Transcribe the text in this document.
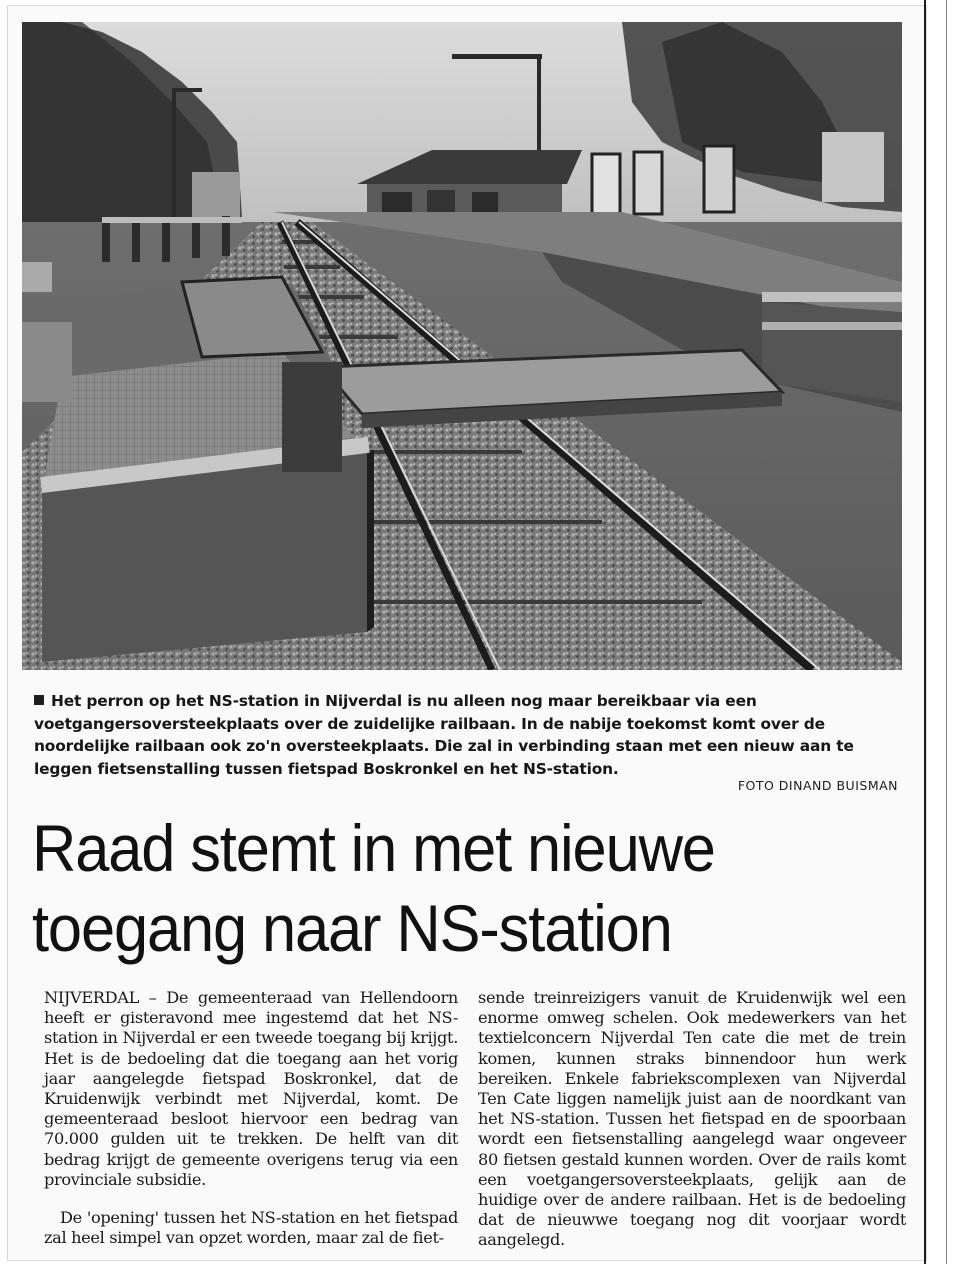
Het perron op het NS-station in Nijverdal is nu alleen nog maar bereikbaar via een voetgangersoversteekplaats over de zuidelijke railbaan. In de nabije toekomst komt over de noordelijke railbaan ook zo'n oversteekplaats. Die zal in verbinding staan met een nieuw aan te leggen fietsenstalling tussen fietspad Boskronkel en het NS-station.
FOTO DINAND BUISMAN
Raad stemt in met nieuwe
toegang naar NS-station

NIJVERDAL – De gemeenteraad van Hellendoorn heeft er gisteravond mee ingestemd dat het NS-station in Nijverdal er een tweede toegang bij krijgt. Het is de bedoeling dat die toegang aan het vorig jaar aangelegde fietspad Boskronkel, dat de Kruidenwijk verbindt met Nijverdal, komt. De gemeenteraad besloot hiervoor een bedrag van 70.000 gulden uit te trekken. De helft van dit bedrag krijgt de gemeente overigens terug via een provinciale subsidie.

De 'opening' tussen het NS-station en het fietspad zal heel simpel van opzet worden, maar zal de fiet-

sende treinreizigers vanuit de Kruidenwijk wel een enorme omweg schelen. Ook medewerkers van het textielconcern Nijverdal Ten cate die met de trein komen, kunnen straks binnendoor hun werk bereiken. Enkele fabriekscomplexen van Nijverdal Ten Cate liggen namelijk juist aan de noordkant van het NS-station. Tussen het fietspad en de spoorbaan wordt een fietsenstalling aangelegd waar ongeveer 80 fietsen gestald kunnen worden. Over de rails komt een voetgangersoversteekplaats, gelijk aan de huidige over de andere railbaan. Het is de bedoeling dat de nieuwwe toegang nog dit voorjaar wordt aangelegd.
